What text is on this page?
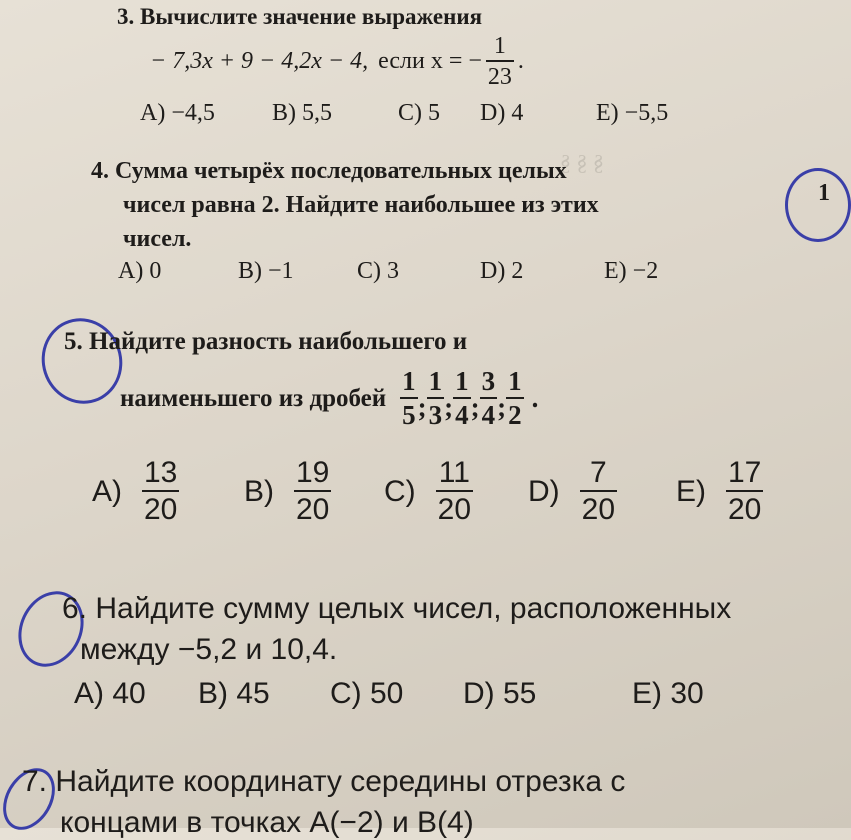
§ § §
3. Вычислите значение выражения
− 7,3x + 9 − 4,2x − 4, если x = − $\frac{1}{23}$ .
A) −4,5 B) 5,5	C) 5 D) 4	E) −5,5
4. Сумма четырёх последовательных целых
чисел равна 2. Найдите наибольшее из этих
чисел.
A) 0	B) −1	C) 3	D) 2	E) −2
1
5. Найдите разность наибольшего и
наименьшего из дробей $\frac{1}{5}$ ; $\frac{1}{3}$ ; $\frac{1}{4}$ ; $\frac{3}{4}$ ; $\frac{1}{2}$ .
$A) \frac{13}{20} B) \frac{19}{20} C) \frac{11}{20} D) \frac{7}{20} E) \frac{17}{20}$
6. Найдите сумму целых чисел, расположенных
между −5,2 и 10,4.
A) 40 B) 45 C) 50 D) 55	E) 30
7. Найдите координату середины отрезка с
концами в точках A(−2) и B(4)
